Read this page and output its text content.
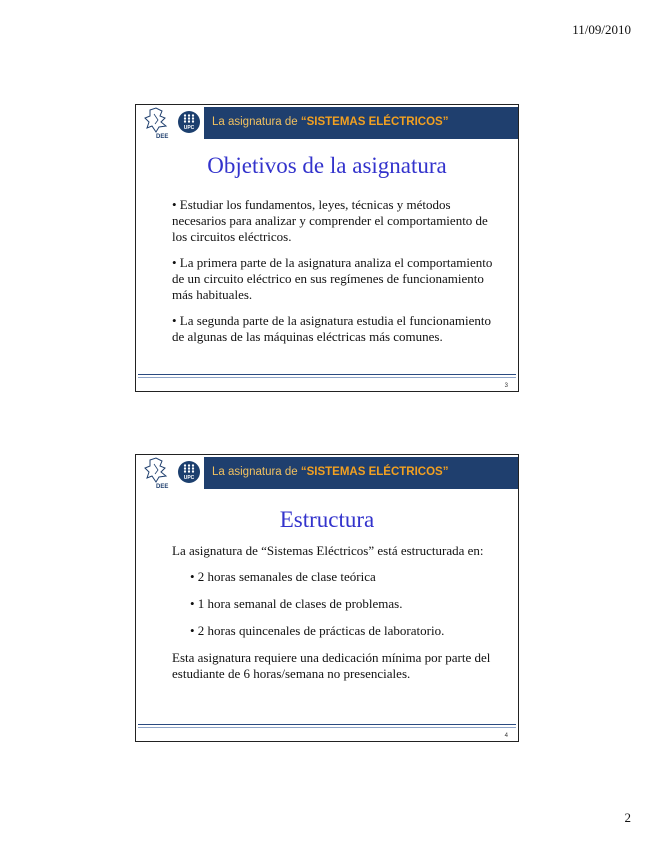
11/09/2010
DEE
UPC	La asignatura de “SISTEMAS ELÉCTRICOS”
Objetivos de la asignatura

• Estudiar los fundamentos, leyes, técnicas y métodos necesarios para analizar y comprender el comportamiento de los circuitos eléctricos.

• La primera parte de la asignatura analiza el comportamiento de un circuito eléctrico en sus regímenes de funcionamiento más habituales.

• La segunda parte de la asignatura estudia el funcionamiento de algunas de las máquinas eléctricas más comunes.

3
DEE
UPC	La asignatura de “SISTEMAS ELÉCTRICOS”
Estructura

La asignatura de “Sistemas Eléctricos” está estructurada en:

• 2 horas semanales de clase teórica

• 1 hora semanal de clases de problemas.

• 2 horas quincenales de prácticas de laboratorio.

Esta asignatura requiere una dedicación mínima por parte del estudiante de 6 horas/semana no presenciales.

4
2
